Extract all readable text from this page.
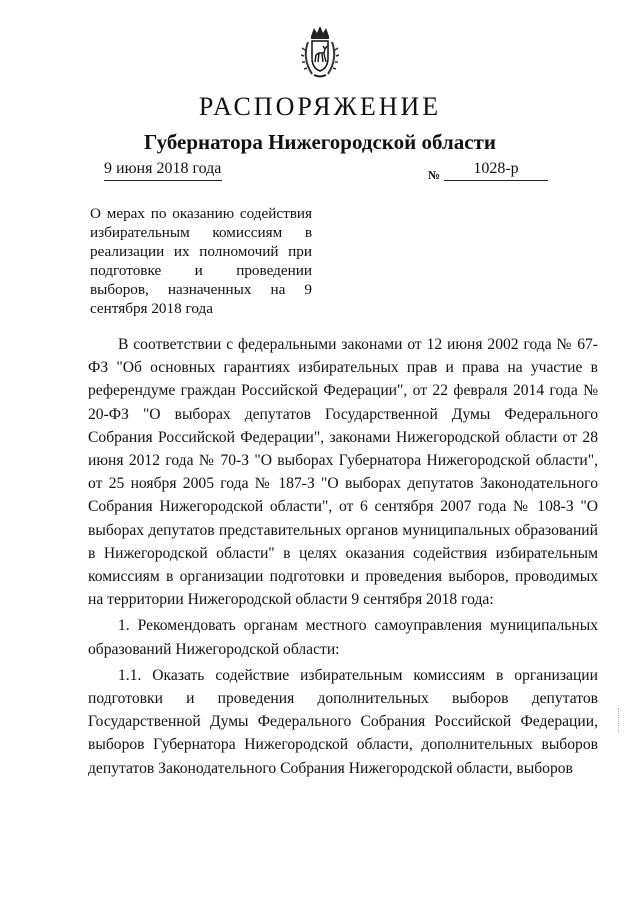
РАСПОРЯЖЕНИЕ
Губернатора Нижегородской области
9 июня 2018 года	№	1028-р
О мерах по оказанию содействия избирательным комиссиям в реализации их полномочий при подготовке и проведении выборов, назначенных на 9 сентября 2018 года

В соответствии с федеральными законами от 12 июня 2002 года № 67-ФЗ "Об основных гарантиях избирательных прав и права на участие в референдуме граждан Российской Федерации", от 22 февраля 2014 года № 20-ФЗ "О выборах депутатов Государственной Думы Федерального Собрания Российской Федерации", законами Нижегородской области от 28 июня 2012 года № 70-З "О выборах Губернатора Нижегородской области", от 25 ноября 2005 года № 187-З "О выборах депутатов Законодательного Собрания Нижегородской области", от 6 сентября 2007 года № 108-З "О выборах депутатов представительных органов муниципальных образований в Нижегородской области" в целях оказания содействия избирательным комиссиям в организации подготовки и проведения выборов, проводимых на территории Нижегородской области 9 сентября 2018 года:

1. Рекомендовать органам местного самоуправления муниципальных образований Нижегородской области:

1.1. Оказать содействие избирательным комиссиям в организации подготовки и проведения дополнительных выборов депутатов Государственной Думы Федерального Собрания Российской Федерации, выборов Губернатора Нижегородской области, дополнительных выборов депутатов Законодательного Собрания Нижегородской области, выборов
